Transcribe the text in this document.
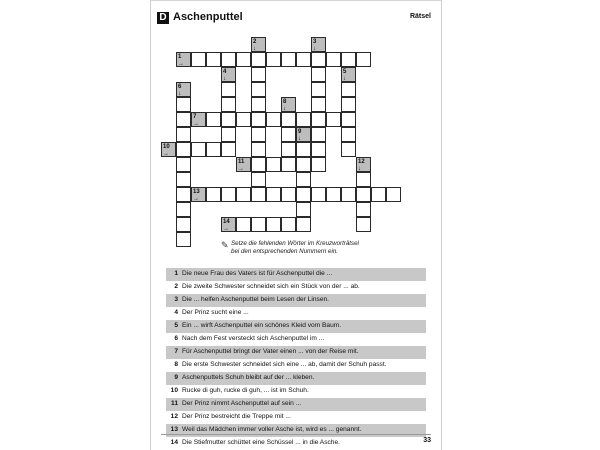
D Aschenputtel	Rätsel
1
→
2
↓
3
↓
4
↓
5
↓
6
↓
7
→
8
↓
9
↓
10
→
11
→
12
↓
13
→
14
→
✎ Setze die fehlenden Wörter im Kreuzworträtsel
bei den entsprechenden Nummern ein.
1 Die neue Frau des Vaters ist für Aschenputtel die ...
2 Die zweite Schwester schneidet sich ein Stück von der ... ab.
3 Die ... helfen Aschenputtel beim Lesen der Linsen.
4 Der Prinz sucht eine ...
5 Ein ... wirft Aschenputtel ein schönes Kleid vom Baum.
6 Nach dem Fest versteckt sich Aschenputtel im ...
7 Für Aschenputtel bringt der Vater einen ... von der Reise mit.
8 Die erste Schwester schneidet sich eine ... ab, damit der Schuh passt.
9 Aschenputtels Schuh bleibt auf der ... kleben.
10 Rucke di guh, rucke di guh, ... ist im Schuh.
11 Der Prinz nimmt Aschenputtel auf sein ...
12 Der Prinz bestreicht die Treppe mit ...
13 Weil das Mädchen immer voller Asche ist, wird es ... genannt.
14 Die Stiefmutter schüttet eine Schüssel ... in die Asche.	33
